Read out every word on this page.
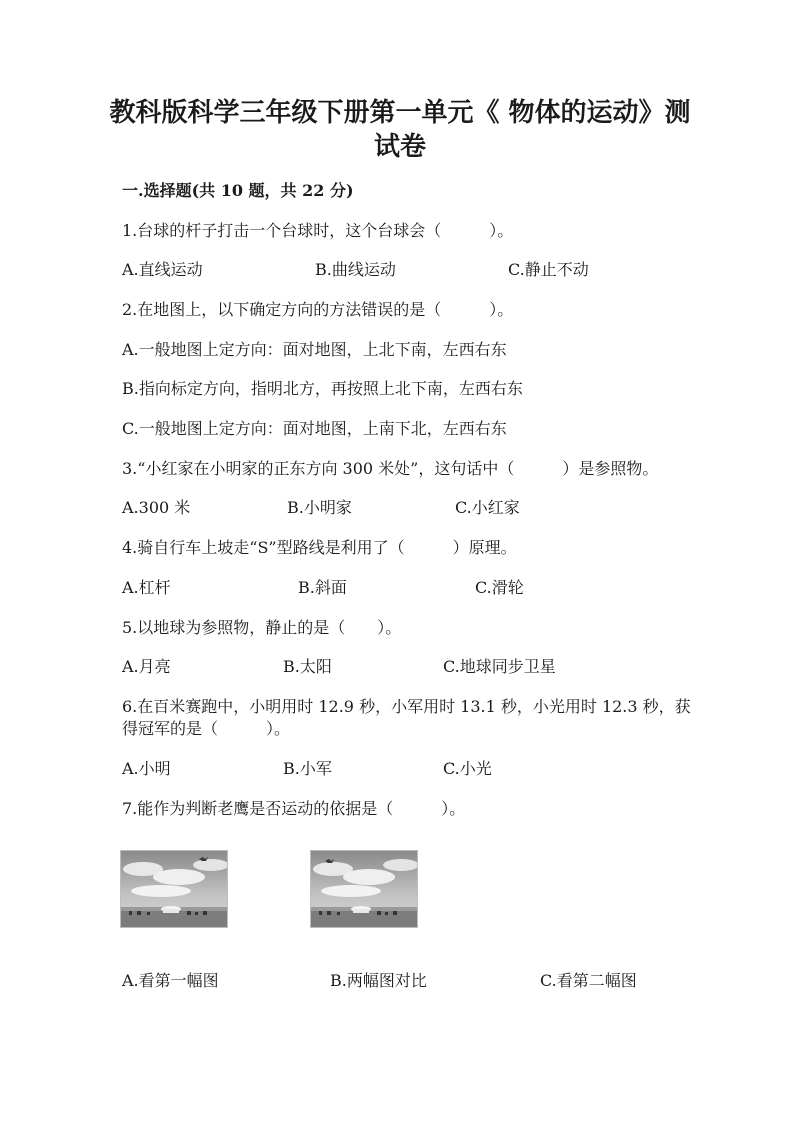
教科版科学三年级下册第一单元《 物体的运动》测
试卷
一.选择题(共 10 题，共 22 分)
1.台球的杆子打击一个台球时，这个台球会（　　　）。
A.直线运动	B.曲线运动	C.静止不动
2.在地图上，以下确定方向的方法错误的是（　　　）。
A.一般地图上定方向：面对地图，上北下南，左西右东
B.指向标定方向，指明北方，再按照上北下南，左西右东
C.一般地图上定方向：面对地图，上南下北，左西右东
3.“小红家在小明家的正东方向 300 米处”，这句话中（　　　）是参照物。
A.300 米	B.小明家	C.小红家
4.骑自行车上坡走“S”型路线是利用了（　　　）原理。
A.杠杆	B.斜面	C.滑轮
5.以地球为参照物，静止的是（　　）。
A.月亮	B.太阳	C.地球同步卫星
6.在百米赛跑中，小明用时 12.9 秒，小军用时 13.1 秒，小光用时 12.3 秒，获
得冠军的是（　　　）。
A.小明	B.小军	C.小光
7.能作为判断老鹰是否运动的依据是（　　　）。
A.看第一幅图	B.两幅图对比	C.看第二幅图
